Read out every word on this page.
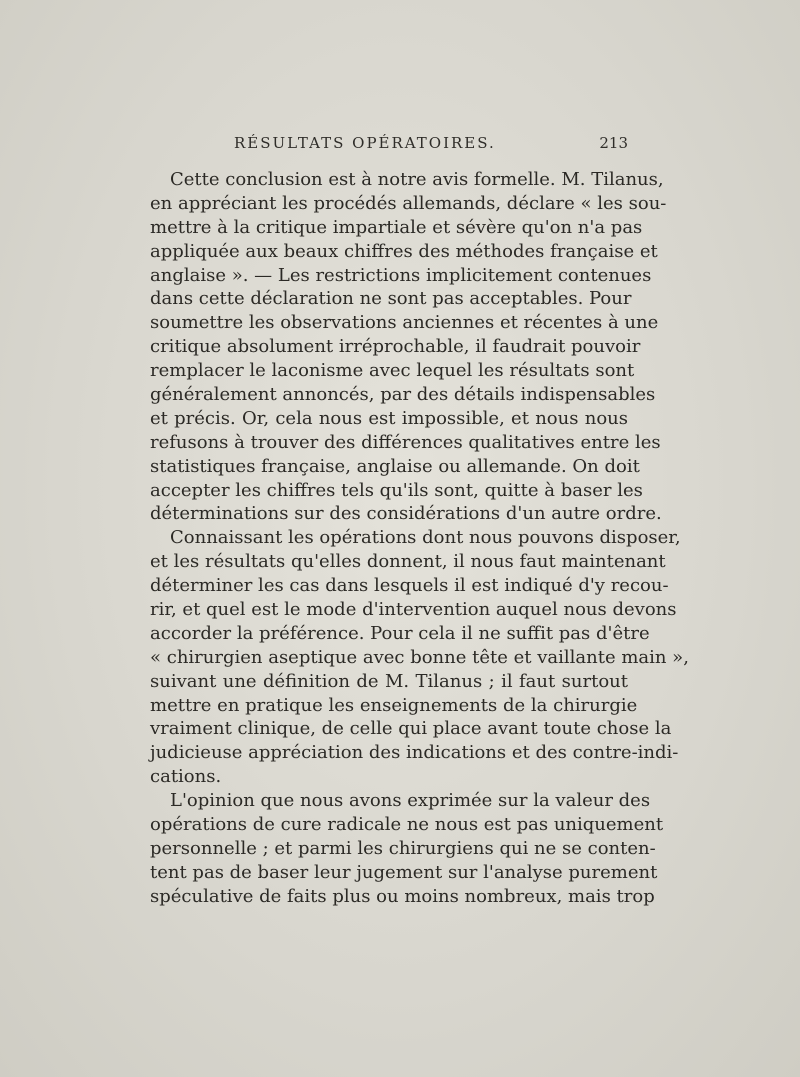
RÉSULTATS OPÉRATOIRES.	213
Cette conclusion est à notre avis formelle. M. Tilanus,
en appréciant les procédés allemands, déclare « les sou-
mettre à la critique impartiale et sévère qu'on n'a pas
appliquée aux beaux chiffres des méthodes française et
anglaise ». — Les restrictions implicitement contenues
dans cette déclaration ne sont pas acceptables. Pour
soumettre les observations anciennes et récentes à une
critique absolument irréprochable, il faudrait pouvoir
remplacer le laconisme avec lequel les résultats sont
généralement annoncés, par des détails indispensables
et précis. Or, cela nous est impossible, et nous nous
refusons à trouver des différences qualitatives entre les
statistiques française, anglaise ou allemande. On doit
accepter les chiffres tels qu'ils sont, quitte à baser les
déterminations sur des considérations d'un autre ordre.
Connaissant les opérations dont nous pouvons disposer,
et les résultats qu'elles donnent, il nous faut maintenant
déterminer les cas dans lesquels il est indiqué d'y recou-
rir, et quel est le mode d'intervention auquel nous devons
accorder la préférence. Pour cela il ne suffit pas d'être
« chirurgien aseptique avec bonne tête et vaillante main »,
suivant une définition de M. Tilanus ; il faut surtout
mettre en pratique les enseignements de la chirurgie
vraiment clinique, de celle qui place avant toute chose la
judicieuse appréciation des indications et des contre-indi-
cations.
L'opinion que nous avons exprimée sur la valeur des
opérations de cure radicale ne nous est pas uniquement
personnelle ; et parmi les chirurgiens qui ne se conten-
tent pas de baser leur jugement sur l'analyse purement
spéculative de faits plus ou moins nombreux, mais trop
